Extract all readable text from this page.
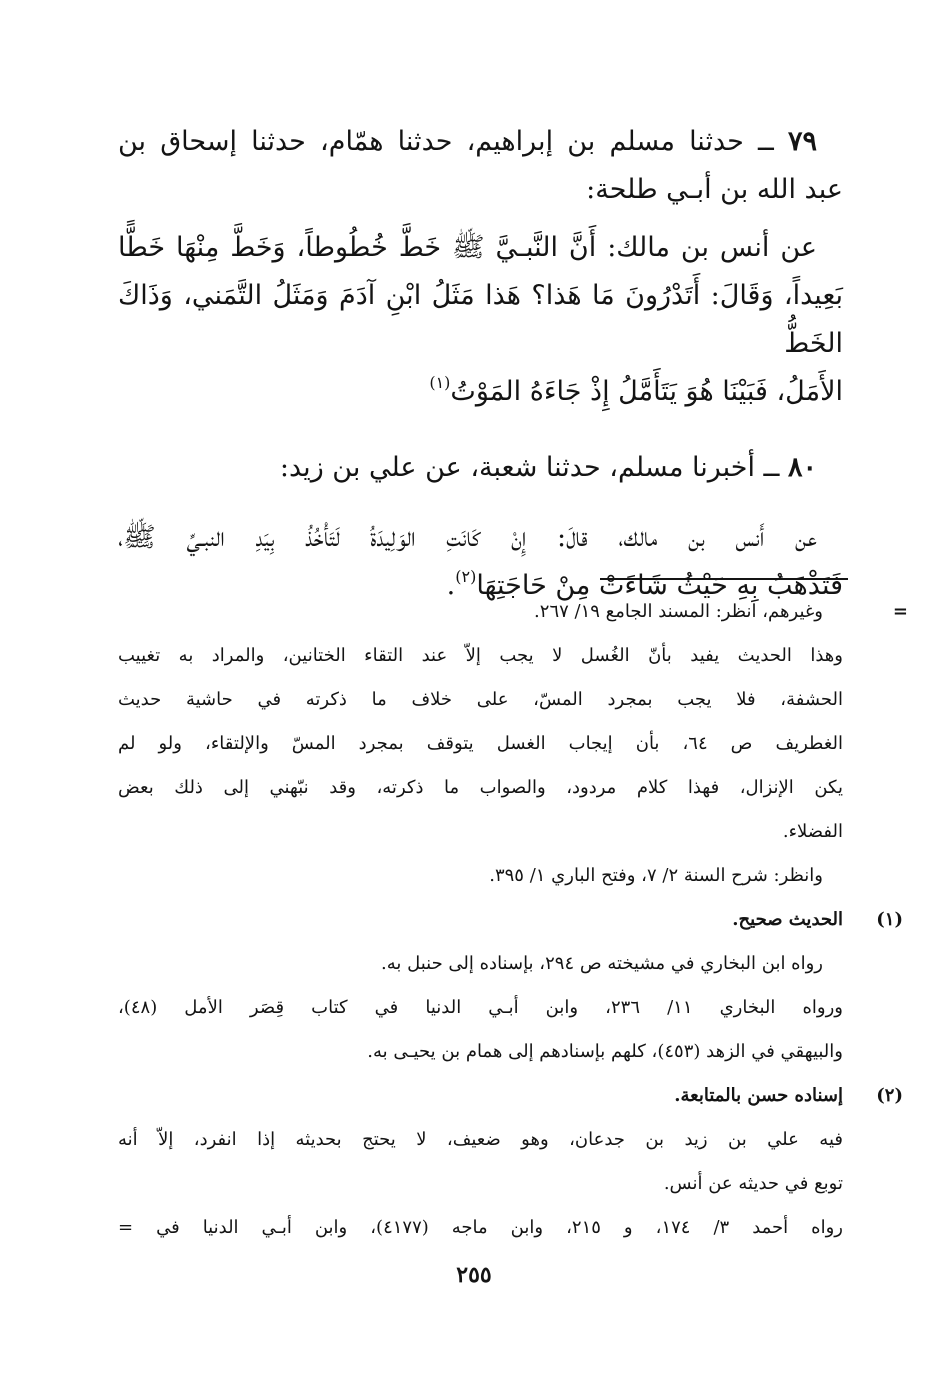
٧٩ ــ حدثنا مسلم بن إبراهيم، حدثنا همّام، حدثنا إسحاق بن

عبد الله بن أبـي طلحة:

عن أنس بن مالك: أَنَّ النَّبـيَّ ﷺ خَطَّ خُطُوطاً، وَخَطَّ مِنْهَا خَطًّا

بَعِيداً، وَقَالَ: أَتَدْرُونَ مَا هَذا؟ هَذا مَثَلُ ابْنِ آدَمَ وَمَثَلُ التَّمَني، وَذَاكَ الخَطُّ

الأَمَلُ، فَبَيْنَا هُوَ يَتَأَمَّلُ إِذْ جَاءَهُ المَوْتُ$^{(١)}$

٨٠ ــ أخبرنا مسلم، حدثنا شعبة، عن علي بن زيد:

عن أَنس بن مالك، قالَ: إِنْ كَانَتِ الوَلِيدَةُ لَتَأْخُذُ بِيَدِ النبـيِّ ﷺ،

فَتَذْهَبُ بِهِ حَيْثُ شَاءَتْ مِنْ حَاجَتِهَا$^{(٢)}$.

=
وغيرهم، انظر: المسند الجامع ١٩/ ٢٦٧.

وهذا الحديث يفيد بأنّ الغُسل لا يجب إلاّ عند التقاء الختانين، والمراد به تغييب

الحشفة، فلا يجب بمجرد المسّ، على خلاف ما ذكرته في حاشية حديث

الغطريف ص ٦٤، بأن إيجاب الغسل يتوقف بمجرد المسّ والإلتقاء، ولو لم

يكن الإنزال، فهذا كلام مردود، والصواب ما ذكرته، وقد نبّهني إلى ذلك بعض

الفضلاء.

وانظر: شرح السنة ٢/ ٧، وفتح الباري ١/ ٣٩٥.

(١)
الحديث صحيح.

رواه ابن البخاري في مشيخته ص ٢٩٤، بإسناده إلى حنبل به.

ورواه البخاري ١١/ ٢٣٦، وابن أبـي الدنيا في كتاب قِصَر الأمل (٤٨)،

والبيهقي في الزهد (٤٥٣)، كلهم بإسنادهم إلى همام بن يحيـى به.

(٢)
إسناده حسن بالمتابعة.

فيه علي بن زيد بن جدعان، وهو ضعيف، لا يحتج بحديثه إذا انفرد، إلاّ أنه

توبع في حديثه عن أنس.

رواه أحمد ٣/ ١٧٤، و ٢١٥، وابن ماجه (٤١٧٧)، وابن أبـي الدنيا في =

٢٥٥
